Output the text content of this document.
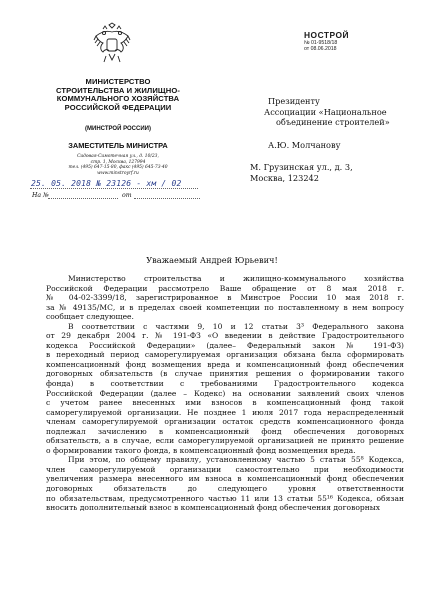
МИНИСТЕРСТВО
СТРОИТЕЛЬСТВА И ЖИЛИЩНО-
КОММУНАЛЬНОГО ХОЗЯЙСТВА
РОССИЙСКОЙ ФЕДЕРАЦИИ
(МИНСТРОЙ РОССИИ)
ЗАМЕСТИТЕЛЬ МИНИСТРА
Садовая-Самотечная ул., д. 10/23,
стр. 1, Москва, 127994
тел. (495) 647-15-80, факс (495) 645-73-40
www.minstroyrf.ru
25. 05. 2018 № 23126 - хм / 02
На №	от
НОСТРОЙ
№ 01-9518/18
от 08.06.2018
Президенту
Ассоциации «Национальное
объединение строителей»
А.Ю. Молчанову
М. Грузинская ул., д. 3,
Москва, 123242
Уважаемый Андрей Юрьевич!
Министерство строительства и жилищно-коммунального хозяйства
Российской Федерации рассмотрело Ваше обращение от 8 мая 2018 г.
№ 04-02-3399/18, зарегистрированное в Минстрое России 10 мая 2018 г.
за № 49135/МС, и в пределах своей компетенции по поставленному в нем вопросу
сообщает следующее.
В соответствии с частями 9, 10 и 12 статьи 3³ Федерального закона
от 29 декабря 2004 г. № 191-ФЗ «О введении в действие Градостроительного
кодекса Российской Федерации» (далее– Федеральный закон № 191-ФЗ)
в переходный период саморегулируемая организация обязана была сформировать
компенсационный фонд возмещения вреда и компенсационный фонд обеспечения
договорных обязательств (в случае принятия решения о формировании такого
фонда) в соответствии с требованиями Градостроительного кодекса
Российской Федерации (далее – Кодекс) на основании заявлений своих членов
с учетом ранее внесенных ими взносов в компенсационный фонд такой
саморегулируемой организации. Не позднее 1 июля 2017 года нераспределенный
членам саморегулируемой организации остаток средств компенсационного фонда
подлежал зачислению в компенсационный фонд обеспечения договорных
обязательств, а в случае, если саморегулируемой организацией не принято решение
о формировании такого фонда, в компенсационный фонд возмещения вреда.
При этом, по общему правилу, установленному частью 5 статьи 55⁸ Кодекса,
член саморегулируемой организации самостоятельно при необходимости
увеличения размера внесенного им взноса в компенсационный фонд обеспечения
договорных обязательств до следующего уровня ответственности
по обязательствам, предусмотренного частью 11 или 13 статьи 55¹⁶ Кодекса, обязан
вносить дополнительный взнос в компенсационный фонд обеспечения договорных
